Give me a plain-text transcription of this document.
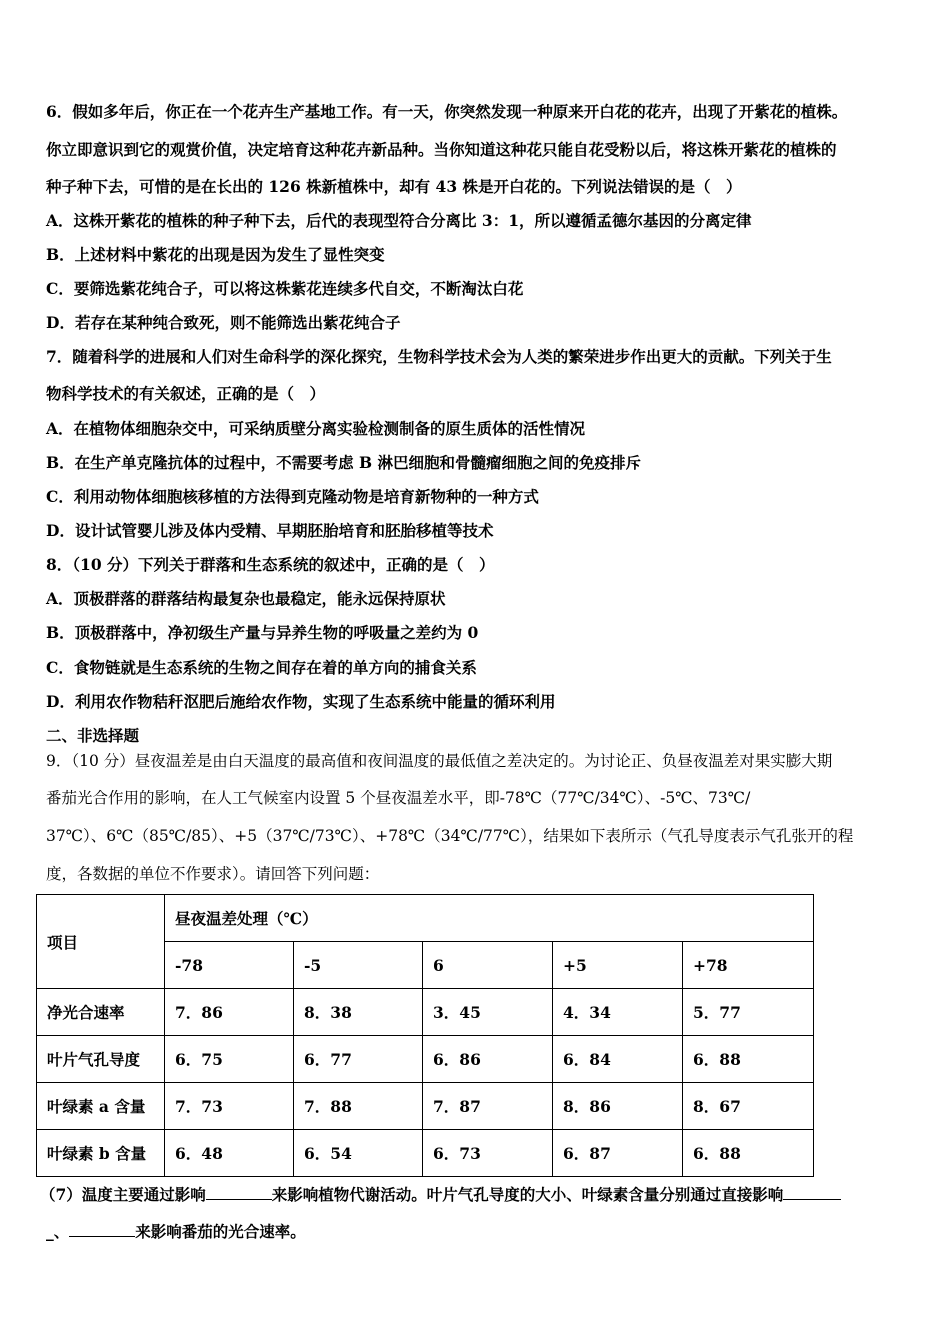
6．假如多年后，你正在一个花卉生产基地工作。有一天，你突然发现一种原来开白花的花卉，出现了开紫花的植株。
你立即意识到它的观赏价值，决定培育这种花卉新品种。当你知道这种花只能自花受粉以后，将这株开紫花的植株的
种子种下去，可惜的是在长出的 126 株新植株中，却有 43 株是开白花的。下列说法错误的是（　）
A．这株开紫花的植株的种子种下去，后代的表现型符合分离比 3：1，所以遵循孟德尔基因的分离定律
B．上述材料中紫花的出现是因为发生了显性突变
C．要筛选紫花纯合子，可以将这株紫花连续多代自交，不断淘汰白花
D．若存在某种纯合致死，则不能筛选出紫花纯合子
7．随着科学的进展和人们对生命科学的深化探究，生物科学技术会为人类的繁荣进步作出更大的贡献。下列关于生
物科学技术的有关叙述，正确的是（　）
A．在植物体细胞杂交中，可采纳质壁分离实验检测制备的原生质体的活性情况
B．在生产单克隆抗体的过程中，不需要考虑 B 淋巴细胞和骨髓瘤细胞之间的免疫排斥
C．利用动物体细胞核移植的方法得到克隆动物是培育新物种的一种方式
D．设计试管婴儿涉及体内受精、早期胚胎培育和胚胎移植等技术
8．（10 分）下列关于群落和生态系统的叙述中，正确的是（　）
A．顶极群落的群落结构最复杂也最稳定，能永远保持原状
B．顶极群落中，净初级生产量与异养生物的呼吸量之差约为 0
C．食物链就是生态系统的生物之间存在着的单方向的捕食关系
D．利用农作物秸秆沤肥后施给农作物，实现了生态系统中能量的循环利用
二、非选择题
9．（10 分）昼夜温差是由白天温度的最高值和夜间温度的最低值之差决定的。为讨论正、负昼夜温差对果实膨大期
番茄光合作用的影响，在人工气候室内设置 5 个昼夜温差水平，即-78℃（77℃/34℃）、-5℃、73℃/
37℃）、6℃（85℃/85）、+5（37℃/73℃）、+78℃（34℃/77℃），结果如下表所示（气孔导度表示气孔张开的程
度，各数据的单位不作要求）。请回答下列问题：
项目	昼夜温差处理（℃）				
	-78	-5	6	+5	+78
净光合速率	7．86	8．38	3．45	4．34	5．77
叶片气孔导度	6．75	6．77	6．86	6．84	6．88
叶绿素 a 含量	7．73	7．88	7．87	8．86	8．67
叶绿素 b 含量	6．48	6．54	6．73	6．87	6．88
（7）温度主要通过影响	来影响植物代谢活动。叶片气孔导度的大小、叶绿素含量分别通过直接影响
_、	来影响番茄的光合速率。
